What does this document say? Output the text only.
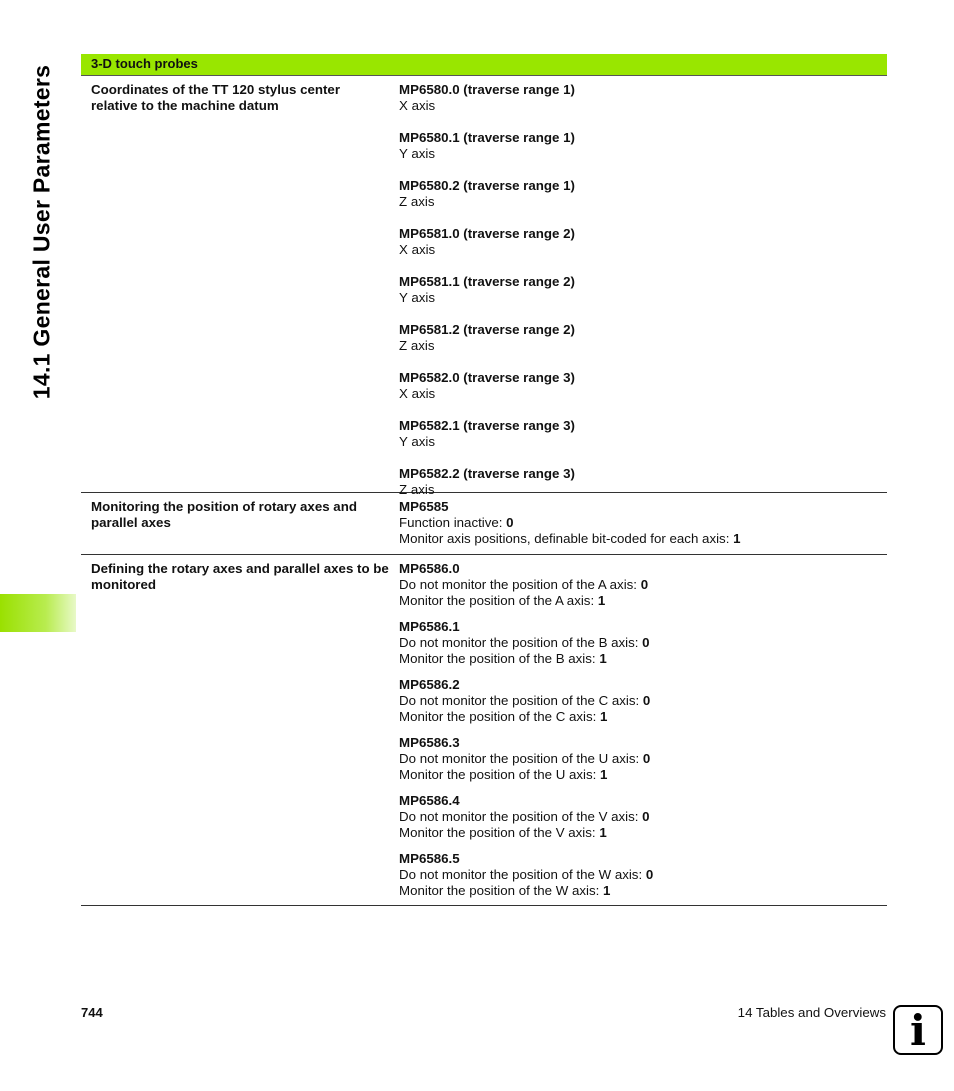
14.1 General User Parameters
3-D touch probes
Coordinates of the TT 120 stylus center relative to the machine datum
MP6580.0 (traverse range 1)
X axis
MP6580.1 (traverse range 1)
Y axis
MP6580.2 (traverse range 1)
Z axis
MP6581.0 (traverse range 2)
X axis
MP6581.1 (traverse range 2)
Y axis
MP6581.2 (traverse range 2)
Z axis
MP6582.0 (traverse range 3)
X axis
MP6582.1 (traverse range 3)
Y axis
MP6582.2 (traverse range 3)
Z axis
Monitoring the position of rotary axes and parallel axes
MP6585
Function inactive: 0
Monitor axis positions, definable bit-coded for each axis: 1
Defining the rotary axes and parallel axes to be monitored
MP6586.0
Do not monitor the position of the A axis: 0
Monitor the position of the A axis: 1
MP6586.1
Do not monitor the position of the B axis: 0
Monitor the position of the B axis: 1
MP6586.2
Do not monitor the position of the C axis: 0
Monitor the position of the C axis: 1
MP6586.3
Do not monitor the position of the U axis: 0
Monitor the position of the U axis: 1
MP6586.4
Do not monitor the position of the V axis: 0
Monitor the position of the V axis: 1
MP6586.5
Do not monitor the position of the W axis: 0
Monitor the position of the W axis: 1
744	14 Tables and Overviews i
